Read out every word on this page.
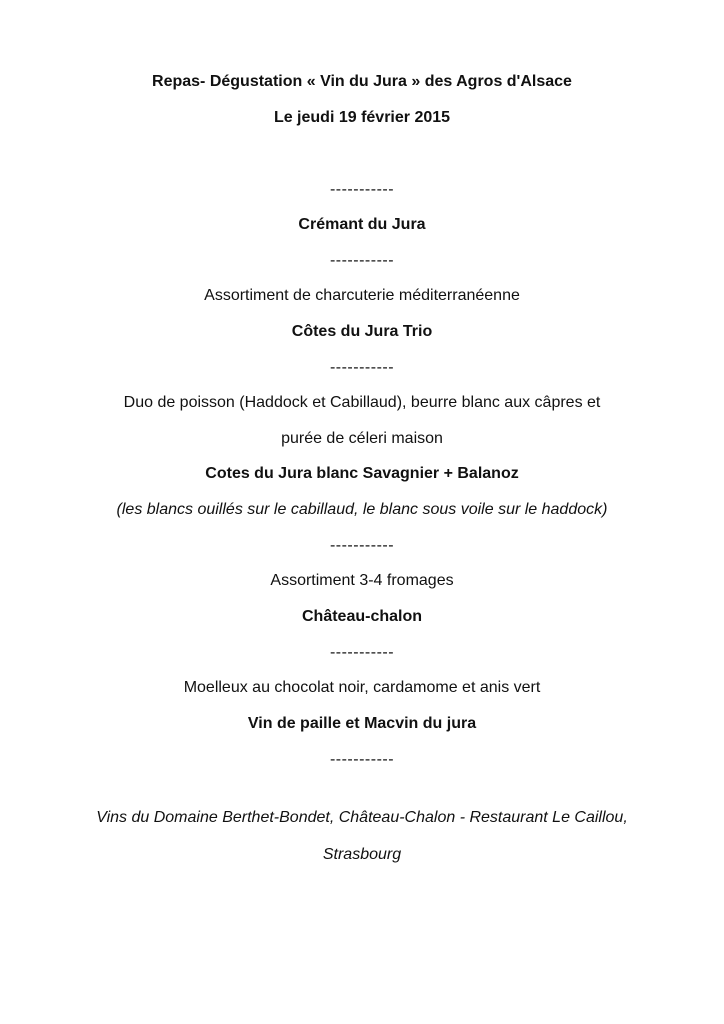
Repas- Dégustation « Vin du Jura » des Agros d'Alsace
Le jeudi 19 février 2015
-----------
Crémant du Jura
-----------
Assortiment de charcuterie méditerranéenne
Côtes du Jura Trio
-----------
Duo de poisson (Haddock et Cabillaud), beurre blanc aux câpres et
purée de céleri maison
Cotes du Jura blanc Savagnier + Balanoz
(les blancs ouillés sur le cabillaud, le blanc sous voile sur le haddock)
-----------
Assortiment 3-4 fromages
Château-chalon
-----------
Moelleux au chocolat noir, cardamome et anis vert
Vin de paille et Macvin du jura
-----------
Vins du Domaine Berthet-Bondet, Château-Chalon - Restaurant Le Caillou,
Strasbourg
